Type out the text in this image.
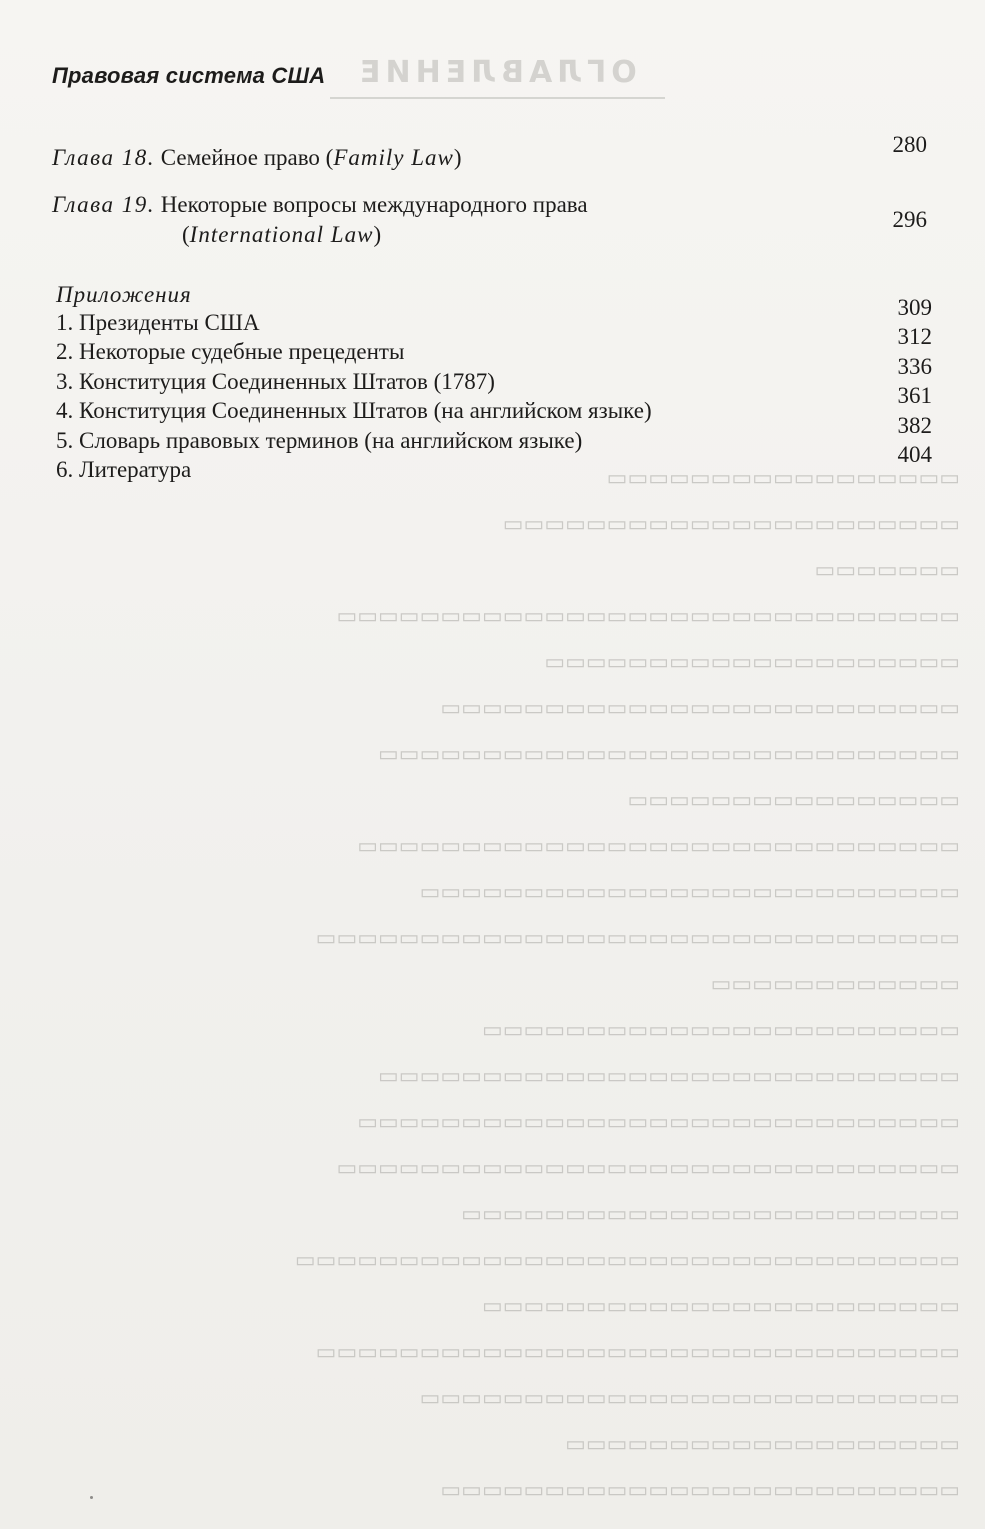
ОГЛАВЛЕНИЕ
Правовая система США
Глава 18. Семейное право (Family Law)
280
Глава 19. Некоторые вопросы международного права
(International Law)
296
Приложения
1. Президенты США
2. Некоторые судебные прецеденты
3. Конституция Соединенных Штатов (1787)
4. Конституция Соединенных Штатов (на английском языке)
5. Словарь правовых терминов (на английском языке)
6. Литература
309
312
336
361
382
404
▭▭▭▭▭▭▭▭▭▭▭▭▭▭▭▭▭
▭▭▭▭▭▭▭▭▭▭▭▭▭▭▭▭▭▭▭▭▭▭
▭▭▭▭▭▭▭
▭▭▭▭▭▭▭▭▭▭▭▭▭▭▭▭▭▭▭▭▭▭▭▭▭▭▭▭▭▭
▭▭▭▭▭▭▭▭▭▭▭▭▭▭▭▭▭▭▭▭
▭▭▭▭▭▭▭▭▭▭▭▭▭▭▭▭▭▭▭▭▭▭▭▭▭
▭▭▭▭▭▭▭▭▭▭▭▭▭▭▭▭▭▭▭▭▭▭▭▭▭▭▭▭
▭▭▭▭▭▭▭▭▭▭▭▭▭▭▭▭
▭▭▭▭▭▭▭▭▭▭▭▭▭▭▭▭▭▭▭▭▭▭▭▭▭▭▭▭▭
▭▭▭▭▭▭▭▭▭▭▭▭▭▭▭▭▭▭▭▭▭▭▭▭▭▭
▭▭▭▭▭▭▭▭▭▭▭▭▭▭▭▭▭▭▭▭▭▭▭▭▭▭▭▭▭▭▭
▭▭▭▭▭▭▭▭▭▭▭▭
▭▭▭▭▭▭▭▭▭▭▭▭▭▭▭▭▭▭▭▭▭▭▭
▭▭▭▭▭▭▭▭▭▭▭▭▭▭▭▭▭▭▭▭▭▭▭▭▭▭▭▭
▭▭▭▭▭▭▭▭▭▭▭▭▭▭▭▭▭▭▭▭▭▭▭▭▭▭▭▭▭
▭▭▭▭▭▭▭▭▭▭▭▭▭▭▭▭▭▭▭▭▭▭▭▭▭▭▭▭▭▭
▭▭▭▭▭▭▭▭▭▭▭▭▭▭▭▭▭▭▭▭▭▭▭▭
▭▭▭▭▭▭▭▭▭▭▭▭▭▭▭▭▭▭▭▭▭▭▭▭▭▭▭▭▭▭▭▭
▭▭▭▭▭▭▭▭▭▭▭▭▭▭▭▭▭▭▭▭▭▭▭
▭▭▭▭▭▭▭▭▭▭▭▭▭▭▭▭▭▭▭▭▭▭▭▭▭▭▭▭▭▭▭
▭▭▭▭▭▭▭▭▭▭▭▭▭▭▭▭▭▭▭▭▭▭▭▭▭▭
▭▭▭▭▭▭▭▭▭▭▭▭▭▭▭▭▭▭▭
▭▭▭▭▭▭▭▭▭▭▭▭▭▭▭▭▭▭▭▭▭▭▭▭▭
